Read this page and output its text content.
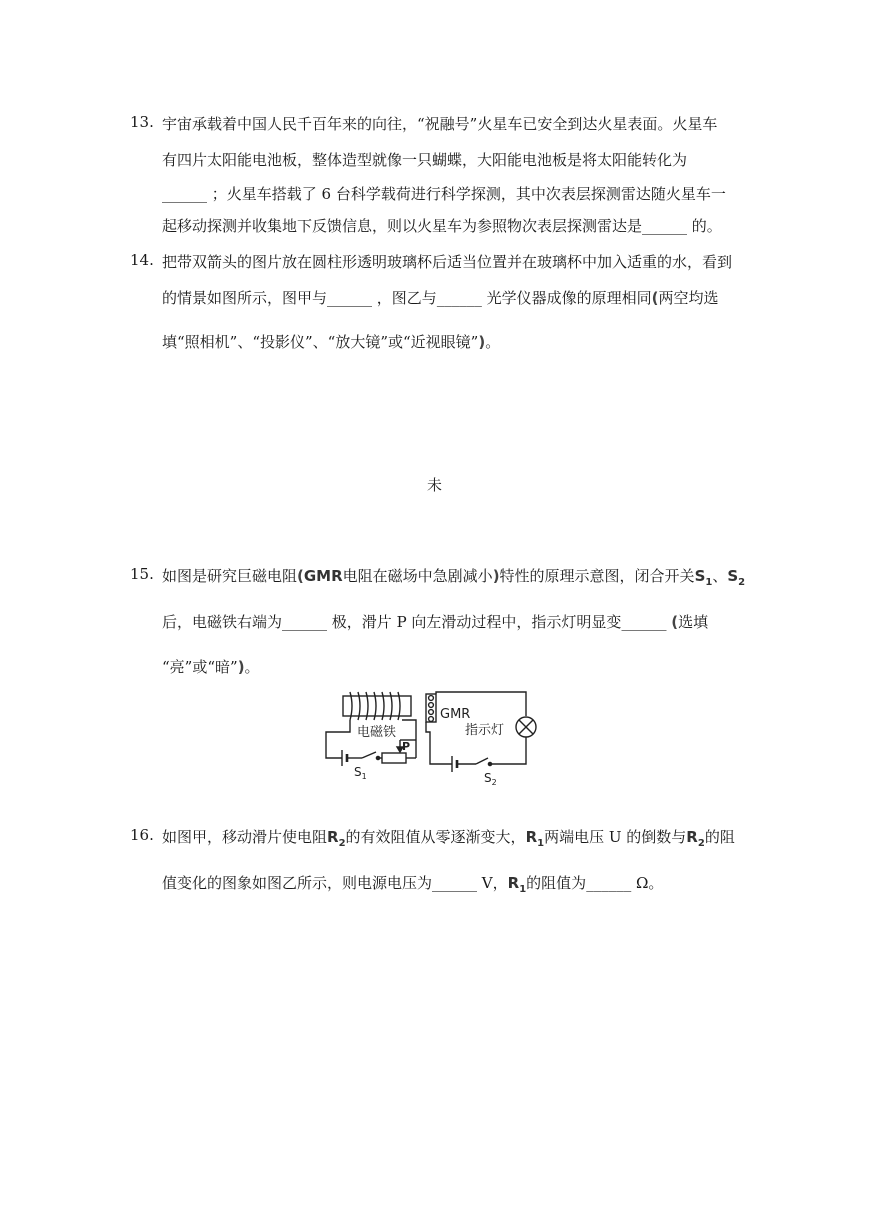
13. 宇宙承载着中国人民千百年来的向往，“祝融号”火星车已安全到达火星表面。火星车
有四片太阳能电池板，整体造型就像一只蝴蝶，大阳能电池板是将太阳能转化为
______ ；火星车搭载了 6 台科学载荷进行科学探测，其中次表层探测雷达随火星车一
起移动探测并收集地下反馈信息，则以火星车为参照物次表层探测雷达是______ 的。
14. 把带双箭头的图片放在圆柱形透明玻璃杯后适当位置并在玻璃杯中加入适重的水，看到
的情景如图所示，图甲与______ ，图乙与______ 光学仪器成像的原理相同(两空均选
填“照相机”、“投影仪”、“放大镜”或“近视眼镜”)。
未
15. 如图是研究巨磁电阻(GMR电阻在磁场中急剧减小)特性的原理示意图，闭合开关$S_1$、$S_2$
后，电磁铁右端为______ 极，滑片 P 向左滑动过程中，指示灯明显变______ (选填
“亮”或“暗”)。
GMR
指示灯
电磁铁
P
$S_1$	$S_2$
16. 如图甲，移动滑片使电阻$R_2$的有效阻值从零逐渐变大，$R_1$两端电压 U 的倒数与$R_2$的阻
值变化的图象如图乙所示，则电源电压为______ V，$R_1$的阻值为______ Ω。
